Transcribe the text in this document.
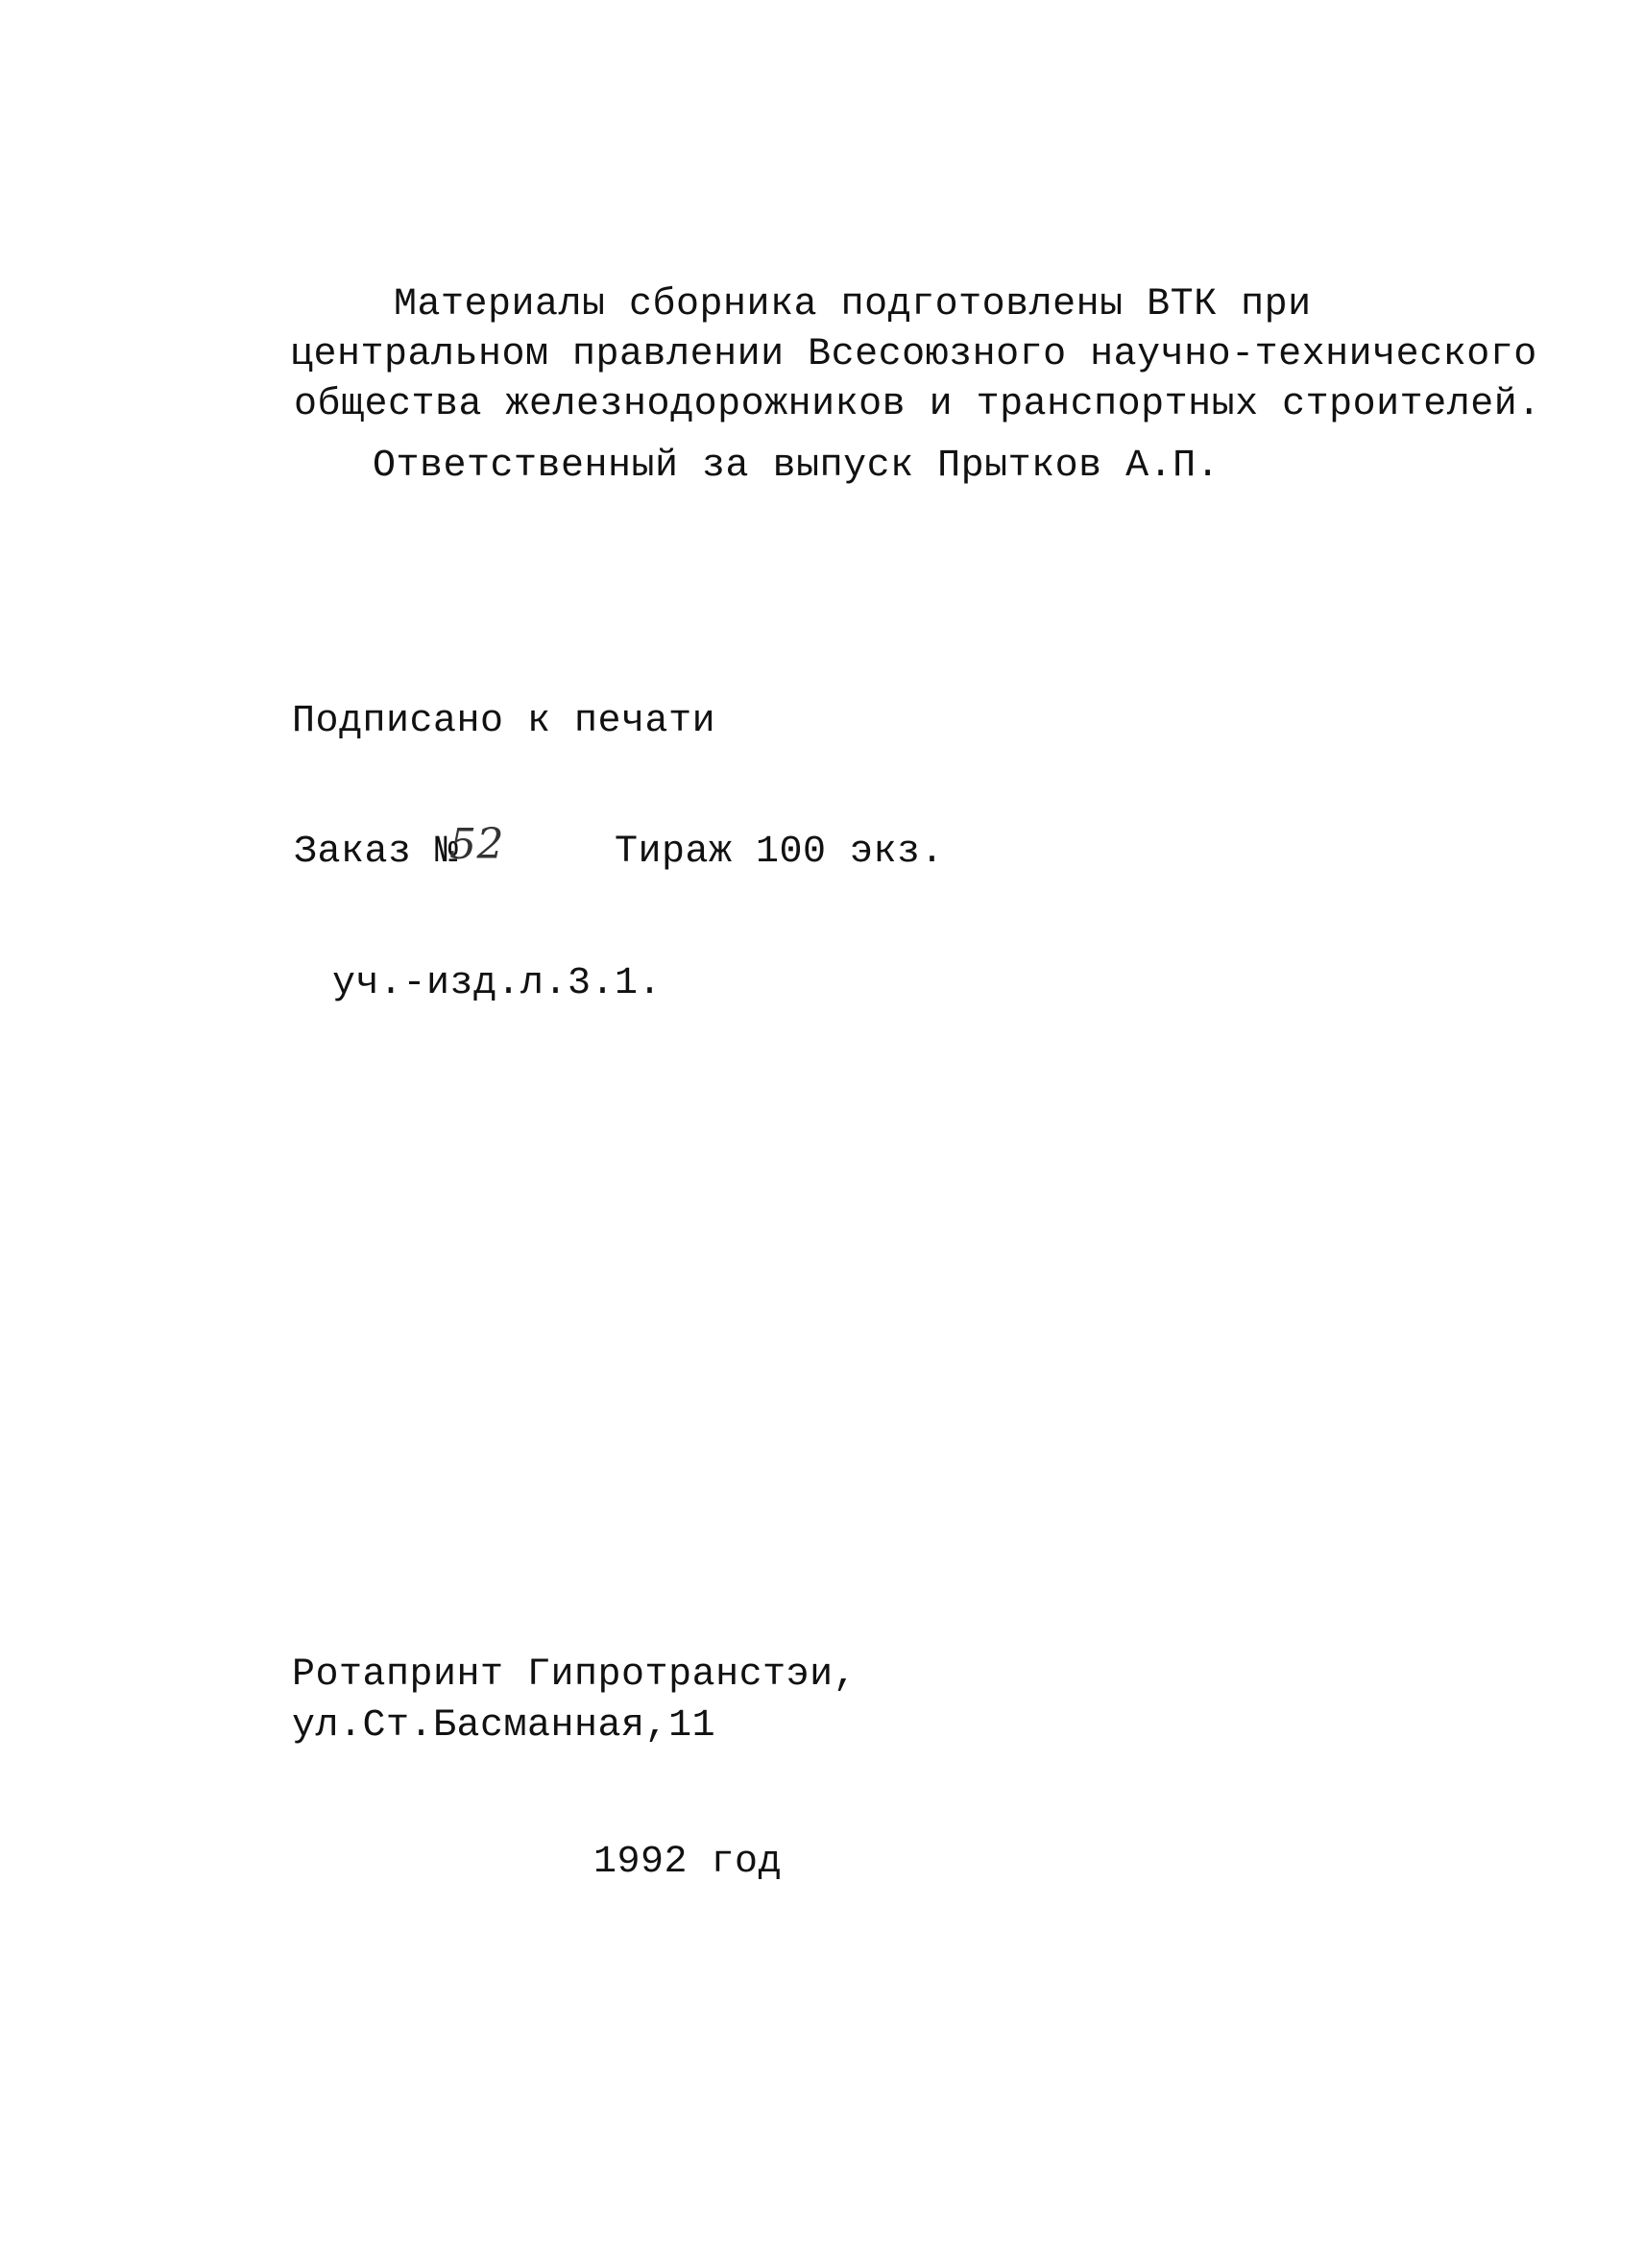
Материалы сборника подготовлены ВТК при
центральном правлении Всесоюзного научно-технического
общества железнодорожников и транспортных строителей.
Ответственный за выпуск Прытков А.П.
Подписано к печати
Заказ №
52	Тираж 100 экз.
уч.-изд.л.3.1.
Ротапринт Гипротранстэи,
ул.Ст.Басманная,11
1992 год
